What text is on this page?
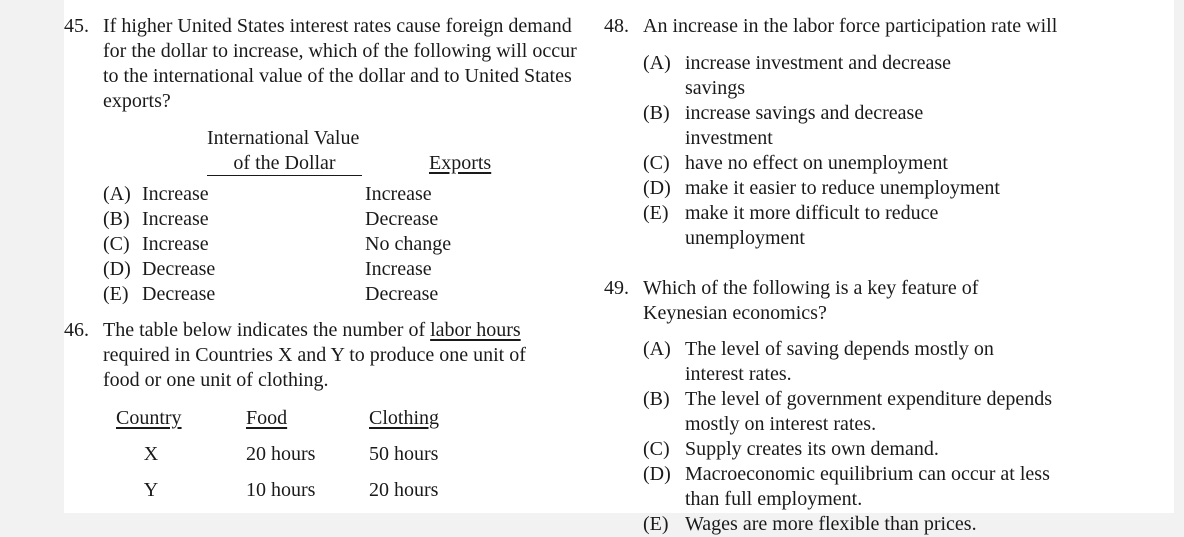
45. If higher United States interest rates cause foreign demand for the dollar to increase, which of the following will occur to the international value of the dollar and to United States exports?
International Value
of the Dollar	Exports
(A) Increase	Increase
(B) Increase	Decrease
(C) Increase	No change
(D) Decrease	Increase
(E) Decrease	Decrease
46. The table below indicates the number of labor hours required in Countries X and Y to produce one unit of food or one unit of clothing.
Country	Food	Clothing
X	20 hours	50 hours
Y	10 hours	20 hours
48. An increase in the labor force participation rate will
(A) increase investment and decrease savings
(B) increase savings and decrease investment
(C) have no effect on unemployment
(D) make it easier to reduce unemployment
(E) make it more difficult to reduce unemployment
49. Which of the following is a key feature of Keynesian economics?
(A) The level of saving depends mostly on interest rates.
(B) The level of government expenditure depends mostly on interest rates.
(C) Supply creates its own demand.
(D) Macroeconomic equilibrium can occur at less than full employment.
(E) Wages are more flexible than prices.
